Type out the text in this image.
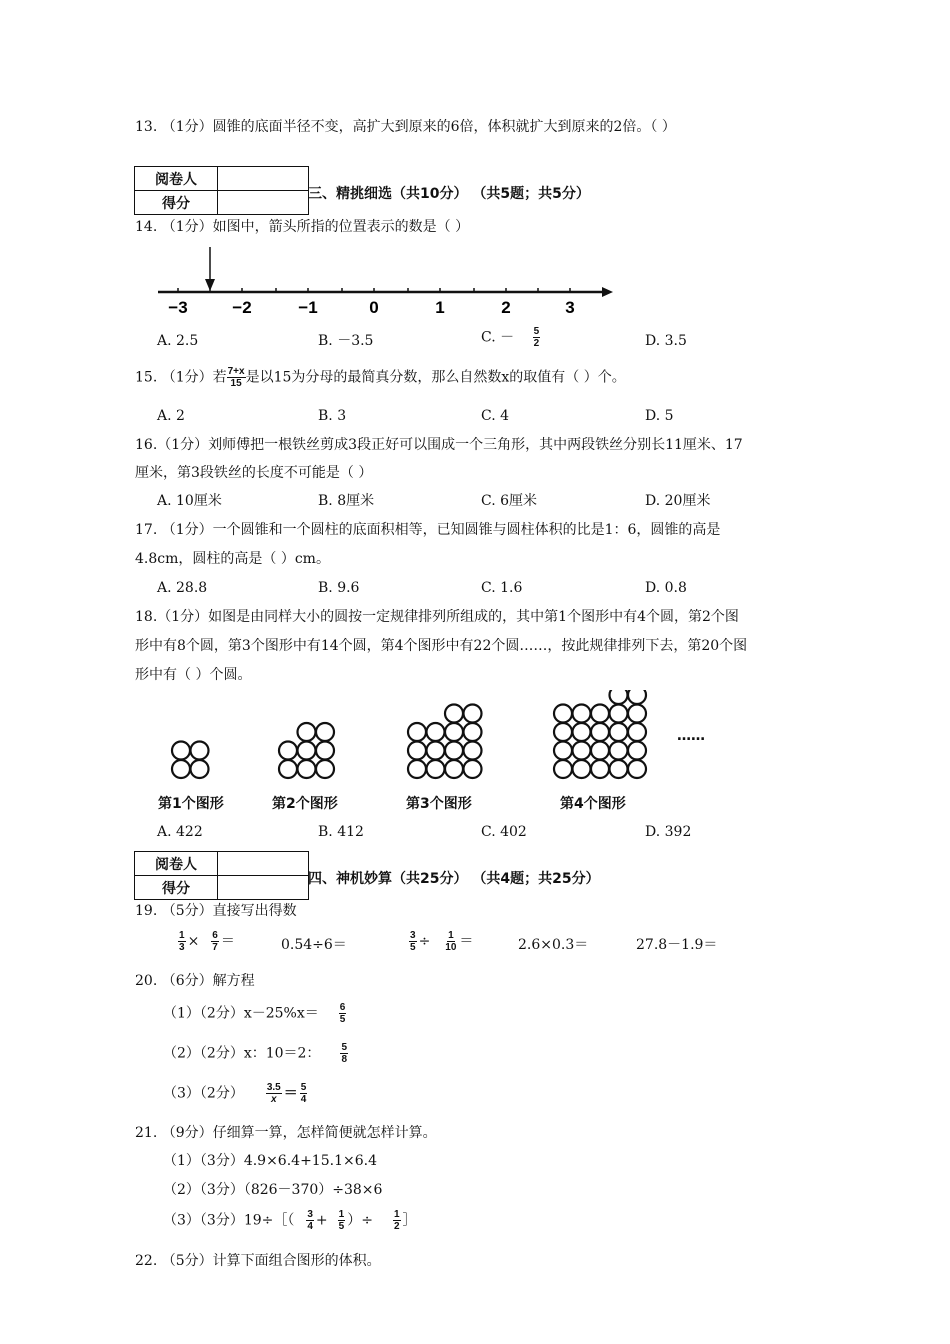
13. （1分）圆锥的底面半径不变，高扩大到原来的6倍，体积就扩大到原来的2倍。（ ）
阅卷人	
得分	
三、精挑细选（共10分） （共5题；共5分）
14. （1分）如图中，箭头所指的位置表示的数是（ ）
−3	−2	−1	0	1	2	3
A. 2.5	B. －3.5	C. － $\frac{5}{2}$	D. 3.5
15. （1分）若 $\frac{7+x}{15}$ 是以15为分母的最简真分数，那么自然数x的取值有（ ）个。
A. 2	B. 3	C. 4	D. 5
16.（1分）刘师傅把一根铁丝剪成3段正好可以围成一个三角形，其中两段铁丝分别长11厘米、17
厘米，第3段铁丝的长度不可能是（ ）
A. 10厘米	B. 8厘米	C. 6厘米	D. 20厘米
17. （1分）一个圆锥和一个圆柱的底面积相等，已知圆锥与圆柱体积的比是1：6，圆锥的高是
4.8cm，圆柱的高是（ ）cm。
A. 28.8	B. 9.6	C. 1.6	D. 0.8
18.（1分）如图是由同样大小的圆按一定规律排列所组成的，其中第1个图形中有4个圆，第2个图
形中有8个圆，第3个图形中有14个圆，第4个图形中有22个圆……，按此规律排列下去，第20个图
形中有（ ）个圆。
第1个图形	第2个图形	第3个图形	第4个图形
……
A. 422	B. 412	C. 402	D. 392
阅卷人	
得分	
四、神机妙算（共25分） （共4题；共25分）
19. （5分）直接写出得数
$\frac{1}{3} \times \frac{6}{7}$ ＝	0.54÷6＝	$\frac{3}{5} \div \frac{1}{10}$ ＝	2.6×0.3＝	27.8－1.9＝
20. （6分）解方程
（1）（2分）$x-25\%x= \frac{6}{5}$
（2）（2分）x：10＝2： $\frac{5}{8}$
（3）（2分） $\frac{3.5}{x} = \frac{5}{4}$
21. （9分）仔细算一算，怎样简便就怎样计算。
（1）（3分）4.9×6.4+15.1×6.4
（2）（3分）（826－370）÷38×6
（3）（3分）19÷［（ $\frac{3}{4} + \frac{1}{5}$ ）÷ $\frac{1}{2}$ ］
22. （5分）计算下面组合图形的体积。
